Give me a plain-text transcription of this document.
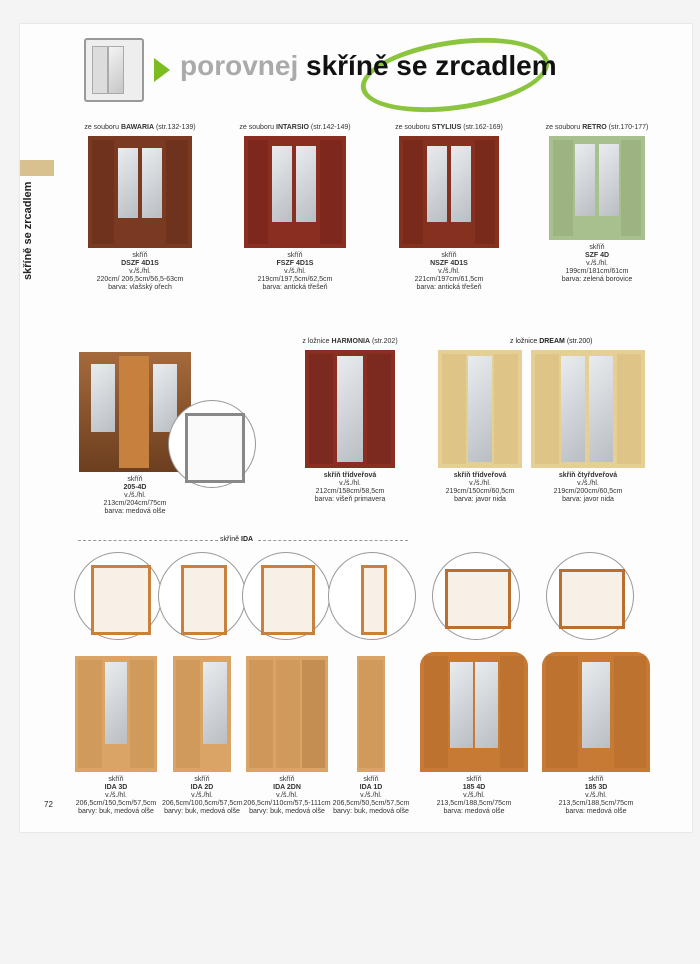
skříně se zrcadlem
porovnej skříně se zrcadlem
ze souboru BAWARIA (str.132-139)
skříň
DSZF 4D1S
v./š./hl.
220cm/ 206,5cm/56,5-63cm
barva: vlašský ořech
ze souboru INTARSIO (str.142-149)
skříň
FSZF 4D1S
v./š./hl.
219cm/197,5cm/62,5cm
barva: antická třešeň
ze souboru STYLIUS (str.162-169)
skříň
NSZF 4D1S
v./š./hl.
221cm/197cm/61,5cm
barva: antická třešeň
ze souboru RETRO (str.170-177)
skříň
SZF 4D
v./š./hl.
199cm/181cm/61cm
barva: zelená borovice
skříň
205-4D
v./š./hl.
213cm/204cm/75cm
barva: medová olše
z ložnice HARMONIA (str.202)
skříň třídveřová
v./š./hl.
212cm/158cm/58,5cm
barva: višeň primavera
z ložnice DREAM (str.200)
skříň třídveřová
v./š./hl.
219cm/150cm/60,5cm
barva: javor nida
skříň čtyřdveřová
v./š./hl.
219cm/200cm/60,5cm
barva: javor nida
skříně IDA
skříň
IDA 3D
v./š./hl.
206,5cm/150,5cm/57,5cm
barvy: buk, medová olše
skříň
IDA 2D
v./š./hl.
206,5cm/100,5cm/57,5cm
barvy: buk, medová olše
skříň
IDA 2DN
v./š./hl.
206,5cm/110cm/57,5-111cm
barvy: buk, medová olše
skříň
IDA 1D
v./š./hl.
206,5cm/50,5cm/57,5cm
barvy: buk, medová olše
skříň
185 4D
v./š./hl.
213,5cm/188,5cm/75cm
barva: medová olše
skříň
185 3D
v./š./hl.
213,5cm/188,5cm/75cm
barva: medová olše
72
